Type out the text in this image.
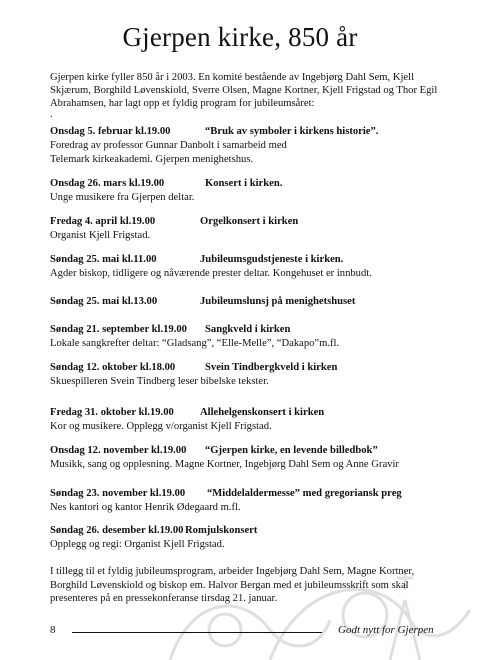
Gjerpen kirke, 850 år
Gjerpen kirke fyller 850 år i 2003. En komité bestående av Ingebjørg Dahl Sem, Kjell Skjærum, Borghild Løvenskiold, Sverre Olsen, Magne Kortner, Kjell Frigstad og Thor Egil Abrahamsen, har lagt opp et fyldig program for jubileumsåret:
.
Onsdag 5. februar kl.19.00	“Bruk av symboler i kirkens historie”.
Foredrag av professor Gunnar Danbolt i samarbeid med
Telemark kirkeakademi. Gjerpen menighetshus.
Onsdag 26. mars kl.19.00	Konsert i kirken.
Unge musikere fra Gjerpen deltar.
Fredag 4. april kl.19.00	Orgelkonsert i kirken
Organist Kjell Frigstad.
Søndag 25. mai kl.11.00	Jubileumsgudstjeneste i kirken.
Agder biskop, tidligere og nåværende prester deltar. Kongehuset er innbudt.
Søndag 25. mai kl.13.00	Jubileumslunsj på menighetshuset
Søndag 21. september kl.19.00 Sangkveld i kirken
Lokale sangkrefter deltar: “Gladsang”, “Elle-Melle”, “Dakapo”m.fl.
Søndag 12. oktober kl.18.00	Svein Tindbergkveld i kirken
Skuespilleren Svein Tindberg leser bibelske tekster.
Fredag 31. oktober kl.19.00 Allehelgenskonsert i kirken
Kor og musikere. Opplegg v/organist Kjell Frigstad.
Onsdag 12. november kl.19.00 “Gjerpen kirke, en levende billedbok”
Musikk, sang og opplesning. Magne Kortner, Ingebjørg Dahl Sem og Anne Gravir
Søndag 23. november kl.19.00 “Middelaldermesse” med gregoriansk preg
Nes kantori og kantor Henrik Ødegaard m.fl.
Søndag 26. desember kl.19.00 Romjulskonsert
Opplegg og regi: Organist Kjell Frigstad.
I tillegg til et fyldig jubileumsprogram, arbeider Ingebjørg Dahl Sem, Magne Kortner, Borghild Løvenskiold og biskop em. Halvor Bergan med et jubileumsskrift som skal presenteres på en pressekonferanse tirsdag 21. januar.
8	Godt nytt for Gjerpen
